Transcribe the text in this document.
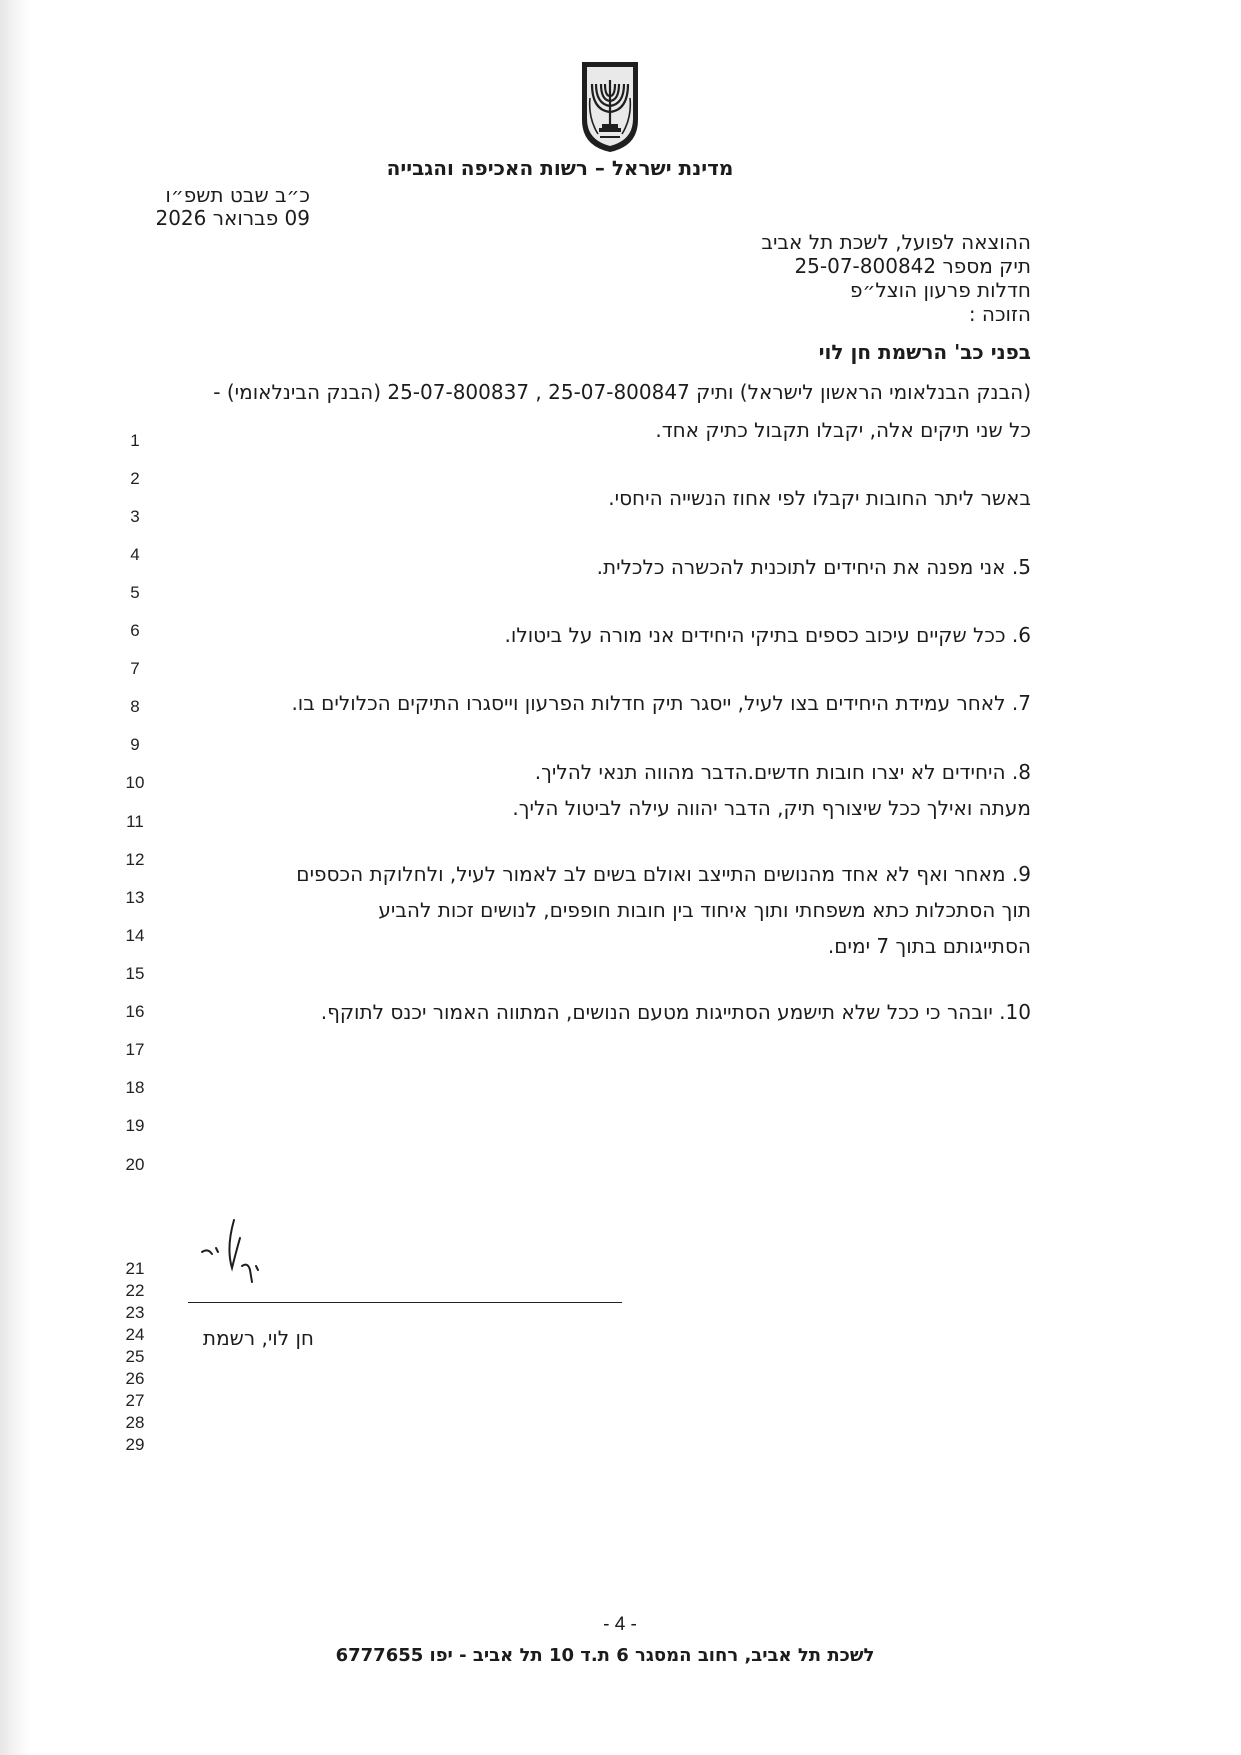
מדינת ישראל – רשות האכיפה והגבייה
כ״ב שבט תשפ״ו
09 פברואר 2026
ההוצאה לפועל, לשכת תל אביב
תיק מספר 25-07-800842
חדלות פרעון הוצל״פ
הזוכה :
בפני כב' הרשמת חן לוי
(הבנק הבנלאומי הראשון לישראל) ותיק 25-07-800847 , 25-07-800837 (הבנק הבינלאומי) -
כל שני תיקים אלה, יקבלו תקבול כתיק אחד.
באשר ליתר החובות יקבלו לפי אחוז הנשייה היחסי.
5. אני מפנה את היחידים לתוכנית להכשרה כלכלית.
6. ככל שקיים עיכוב כספים בתיקי היחידים אני מורה על ביטולו.
7. לאחר עמידת היחידים בצו לעיל, ייסגר תיק חדלות הפרעון וייסגרו התיקים הכלולים בו.
8. היחידים לא יצרו חובות חדשים.הדבר מהווה תנאי להליך.
מעתה ואילך ככל שיצורף תיק, הדבר יהווה עילה לביטול הליך.
9. מאחר ואף לא אחד מהנושים התייצב ואולם בשים לב לאמור לעיל, ולחלוקת הכספים
תוך הסתכלות כתא משפחתי ותוך איחוד בין חובות חופפים, לנושים זכות להביע
הסתייגותם בתוך 7 ימים.
10. יובהר כי ככל שלא תישמע הסתייגות מטעם הנושים, המתווה האמור יכנס לתוקף.
1
2
3
4
5
6
7
8
9
10
11
12
13
14
15
16
17
18
19
20
21
22
23
24
25
26
27
28
29
חן לוי, רשמת
- 4 -
לשכת תל אביב, רחוב המסגר 6 ת.ד 10 תל אביב - יפו 6777655
